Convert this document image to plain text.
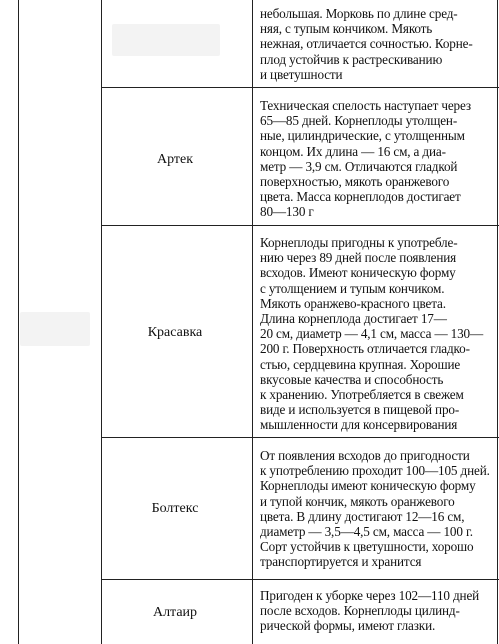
небольшая. Морковь по длине сред-
няя, с тупым кончиком. Мякоть
нежная, отличается сочностью. Корне-
плод устойчив к растрескиванию
и цветушности
Артек
Техническая спелость наступает через
65—85 дней. Корнеплоды утолщен-
ные, цилиндрические, с утолщенным
концом. Их длина — 16 см, а диа-
метр — 3,9 см. Отличаются гладкой
поверхностью, мякоть оранжевого
цвета. Масса корнеплодов достигает
80—130 г
Красавка
Корнеплоды пригодны к употребле-
нию через 89 дней после появления
всходов. Имеют коническую форму
с утолщением и тупым кончиком.
Мякоть оранжево-красного цвета.
Длина корнеплода достигает 17—
20 см, диаметр — 4,1 см, масса — 130—
200 г. Поверхность отличается гладко-
стью, сердцевина крупная. Хорошие
вкусовые качества и способность
к хранению. Употребляется в свежем
виде и используется в пищевой про-
мышленности для консервирования
Болтекс
От появления всходов до пригодности
к употреблению проходит 100—105 дней.
Корнеплоды имеют коническую форму
и тупой кончик, мякоть оранжевого
цвета. В длину достигают 12—16 см,
диаметр — 3,5—4,5 см, масса — 100 г.
Сорт устойчив к цветушности, хорошо
транспортируется и хранится
Алтаир
Пригоден к уборке через 102—110 дней
после всходов. Корнеплоды цилинд-
рической формы, имеют глазки.
